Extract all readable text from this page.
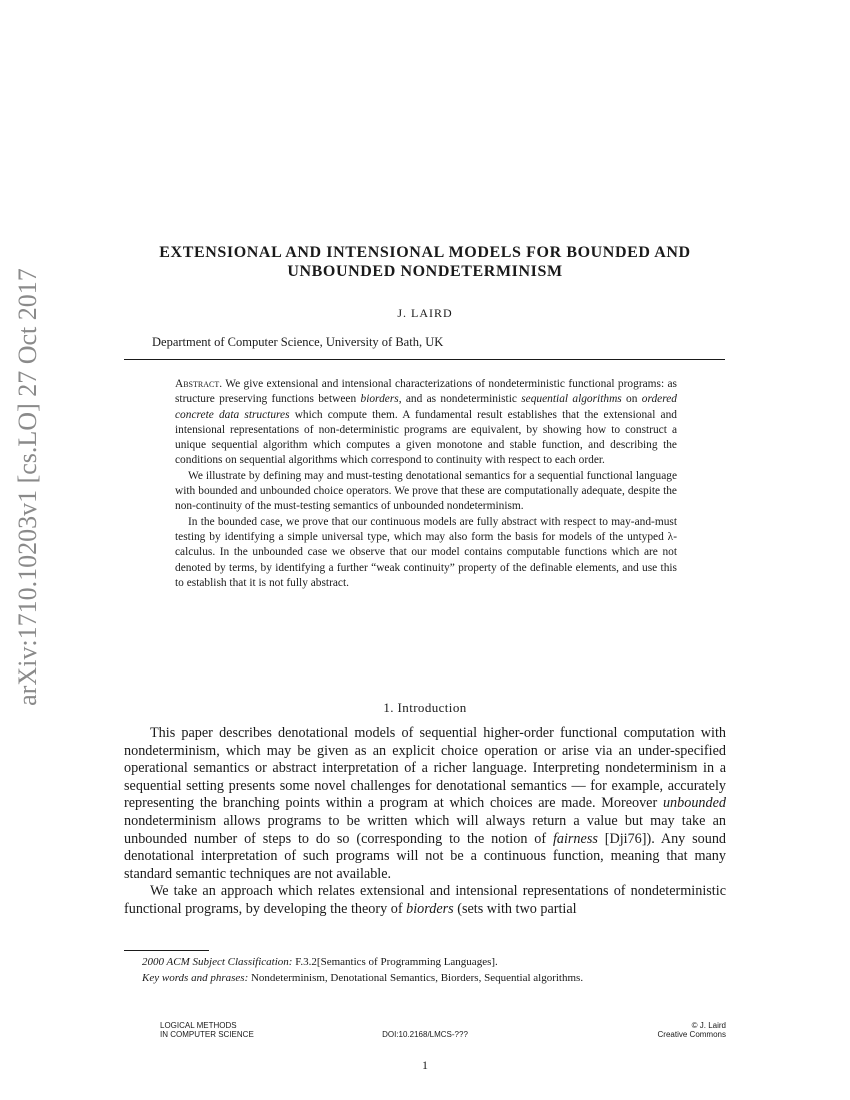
arXiv:1710.10203v1 [cs.LO] 27 Oct 2017
EXTENSIONAL AND INTENSIONAL MODELS FOR BOUNDED AND
UNBOUNDED NONDETERMINISM
J. LAIRD
Department of Computer Science, University of Bath, UK

Abstract. We give extensional and intensional characterizations of nondeterministic functional programs: as structure preserving functions between biorders, and as nondeterministic sequential algorithms on ordered concrete data structures which compute them. A fundamental result establishes that the extensional and intensional representations of non-deterministic programs are equivalent, by showing how to construct a unique sequential algorithm which computes a given monotone and stable function, and describing the conditions on sequential algorithms which correspond to continuity with respect to each order.

We illustrate by defining may and must-testing denotational semantics for a sequential functional language with bounded and unbounded choice operators. We prove that these are computationally adequate, despite the non-continuity of the must-testing semantics of unbounded nondeterminism.

In the bounded case, we prove that our continuous models are fully abstract with respect to may-and-must testing by identifying a simple universal type, which may also form the basis for models of the untyped λ-calculus. In the unbounded case we observe that our model contains computable functions which are not denoted by terms, by identifying a further “weak continuity” property of the definable elements, and use this to establish that it is not fully abstract.

1. Introduction

This paper describes denotational models of sequential higher-order functional computation with nondeterminism, which may be given as an explicit choice operation or arise via an under-specified operational semantics or abstract interpretation of a richer language. Interpreting nondeterminism in a sequential setting presents some novel challenges for denotational semantics — for example, accurately representing the branching points within a program at which choices are made. Moreover unbounded nondeterminism allows programs to be written which will always return a value but may take an unbounded number of steps to do so (corresponding to the notion of fairness [Dji76]). Any sound denotational interpretation of such programs will not be a continuous function, meaning that many standard semantic techniques are not available.

We take an approach which relates extensional and intensional representations of nondeterministic functional programs, by developing the theory of biorders (sets with two partial

2000 ACM Subject Classification: F.3.2[Semantics of Programming Languages].
Key words and phrases: Nondeterminism, Denotational Semantics, Biorders, Sequential algorithms.
LOGICAL METHODS
IN COMPUTER SCIENCE	DOI:10.2168/LMCS-???
© J. Laird
Creative Commons
1
